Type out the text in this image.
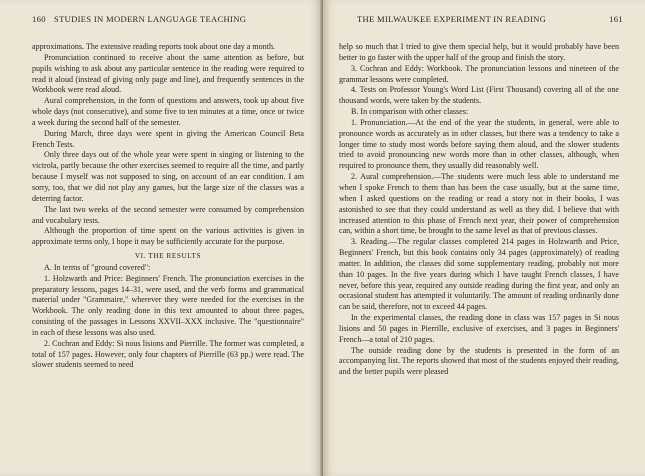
160 STUDIES IN MODERN LANGUAGE TEACHING

approximations. The extensive reading reports took about one day a month.

Pronunciation continued to receive about the same attention as before, but pupils wishing to ask about any particular sentence in the reading were required to read it aloud (instead of giving only page and line), and frequently sentences in the Workbook were read aloud.

Aural comprehension, in the form of questions and answers, took up about five whole days (not consecutive), and some five to ten minutes at a time, once or twice a week during the second half of the semester.

During March, three days were spent in giving the American Council Beta French Tests.

Only three days out of the whole year were spent in singing or listening to the victrola, partly because the other exercises seemed to require all the time, and partly because I myself was not supposed to sing, on account of an ear condition. I am sorry, too, that we did not play any games, but the large size of the classes was a deterring factor.

The last two weeks of the second semester were consumed by comprehension and vocabulary tests.

Although the proportion of time spent on the various activities is given in approximate terms only, I hope it may be sufficiently accurate for the purpose.

VI. THE RESULTS

A. In terms of "ground covered":

1. Holzwarth and Price: Beginners' French. The pronunciation exercises in the preparatory lessons, pages 14–31, were used, and the verb forms and grammatical material under "Grammaire," wherever they were needed for the exercises in the Workbook. The only reading done in this text amounted to about three pages, consisting of the passages in Lessons XXVII–XXX inclusive. The "questionnaire" in each of these lessons was also used.

2. Cochran and Eddy: Si nous lisions and Pierrille. The former was completed, a total of 157 pages. However, only four chapters of Pierrille (63 pp.) were read. The slower students seemed to need

THE MILWAUKEE EXPERIMENT IN READING	161

help so much that I tried to give them special help, but it would probably have been better to go faster with the upper half of the group and finish the story.

3. Cochran and Eddy: Workbook. The pronunciation lessons and nineteen of the grammar lessons were completed.

4. Tests on Professor Young's Word List (First Thousand) covering all of the one thousand words, were taken by the students.

B. In comparison with other classes:

1. Pronunciation.—At the end of the year the students, in general, were able to pronounce words as accurately as in other classes, but there was a tendency to take a longer time to study most words before saying them aloud, and the slower students tried to avoid pronouncing new words more than in other classes, although, when required to pronounce them, they usually did reasonably well.

2. Aural comprehension.—The students were much less able to understand me when I spoke French to them than has been the case usually, but at the same time, when I asked questions on the reading or read a story not in their books, I was astonished to see that they could understand as well as they did. I believe that with increased attention to this phase of French next year, their power of comprehension can, within a short time, be brought to the same level as that of previous classes.

3. Reading.—The regular classes completed 214 pages in Holzwarth and Price, Beginners' French, but this book contains only 34 pages (approximately) of reading matter. In addition, the classes did some supplementary reading, probably not more than 10 pages. In the five years during which I have taught French classes, I have never, before this year, required any outside reading during the first year, and only an occasional student has attempted it voluntarily. The amount of reading ordinarily done can be said, therefore, not to exceed 44 pages.

In the experimental classes, the reading done in class was 157 pages in Si nous lisions and 50 pages in Pierrille, exclusive of exercises, and 3 pages in Beginners' French—a total of 210 pages.

The outside reading done by the students is presented in the form of an accompanying list. The reports showed that most of the students enjoyed their reading, and the better pupils were pleased
